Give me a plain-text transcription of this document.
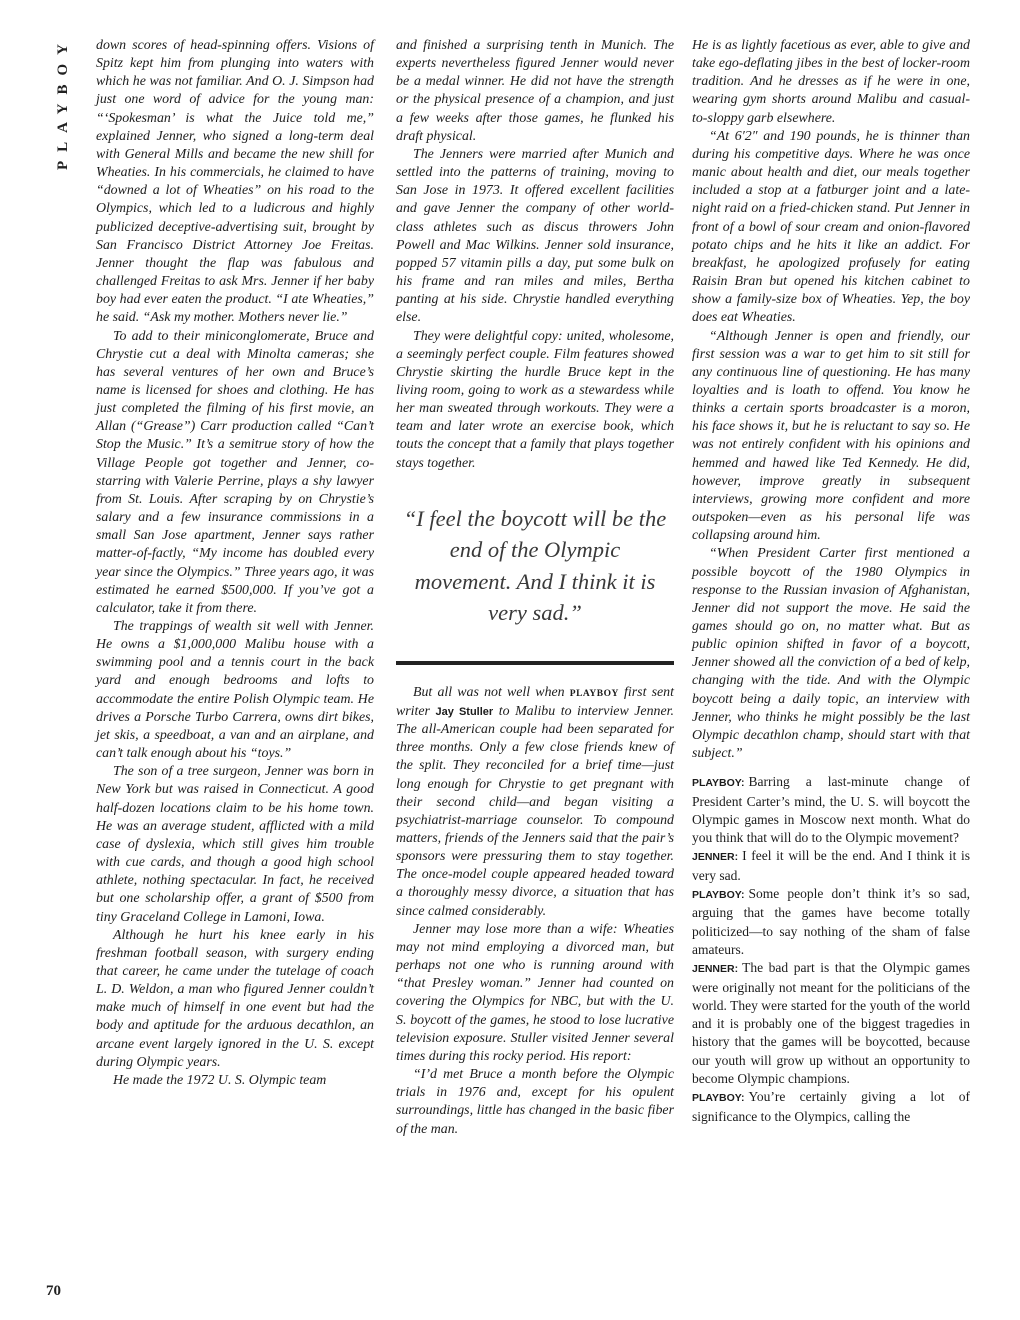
PLAYBOY
70

down scores of head-spinning offers. Visions of Spitz kept him from plunging into waters with which he was not familiar. And O. J. Simpson had just one word of advice for the young man: “‘Spokesman’ is what the Juice told me,” explained Jenner, who signed a long-term deal with General Mills and became the new shill for Wheaties. In his commercials, he claimed to have “downed a lot of Wheaties” on his road to the Olympics, which led to a ludicrous and highly publicized deceptive-advertising suit, brought by San Francisco District Attorney Joe Freitas. Jenner thought the flap was fabulous and challenged Freitas to ask Mrs. Jenner if her baby boy had ever eaten the product. “I ate Wheaties,” he said. “Ask my mother. Mothers never lie.”

To add to their miniconglomerate, Bruce and Chrystie cut a deal with Minolta cameras; she has several ventures of her own and Bruce’s name is licensed for shoes and clothing. He has just completed the filming of his first movie, an Allan (“Grease”) Carr production called “Can’t Stop the Music.” It’s a semitrue story of how the Village People got together and Jenner, co-starring with Valerie Perrine, plays a shy lawyer from St. Louis. After scraping by on Chrystie’s salary and a few insurance commissions in a small San Jose apartment, Jenner says rather matter-of-factly, “My income has doubled every year since the Olympics.” Three years ago, it was estimated he earned $500,000. If you’ve got a calculator, take it from there.

The trappings of wealth sit well with Jenner. He owns a $1,000,000 Malibu house with a swimming pool and a tennis court in the back yard and enough bedrooms and lofts to accommodate the entire Polish Olympic team. He drives a Porsche Turbo Carrera, owns dirt bikes, jet skis, a speedboat, a van and an airplane, and can’t talk enough about his “toys.”

The son of a tree surgeon, Jenner was born in New York but was raised in Connecticut. A good half-dozen locations claim to be his home town. He was an average student, afflicted with a mild case of dyslexia, which still gives him trouble with cue cards, and though a good high school athlete, nothing spectacular. In fact, he received but one scholarship offer, a grant of $500 from tiny Graceland College in Lamoni, Iowa.

Although he hurt his knee early in his freshman football season, with surgery ending that career, he came under the tutelage of coach L. D. Weldon, a man who figured Jenner couldn’t make much of himself in one event but had the body and aptitude for the arduous decathlon, an arcane event largely ignored in the U. S. except during Olympic years.

He made the 1972 U. S. Olympic team

and finished a surprising tenth in Munich. The experts nevertheless figured Jenner would never be a medal winner. He did not have the strength or the physical presence of a champion, and just a few weeks after those games, he flunked his draft physical.

The Jenners were married after Munich and settled into the patterns of training, moving to San Jose in 1973. It offered excellent facilities and gave Jenner the company of other world-class athletes such as discus throwers John Powell and Mac Wilkins. Jenner sold insurance, popped 57 vitamin pills a day, put some bulk on his frame and ran miles and miles, Bertha panting at his side. Chrystie handled everything else.

They were delightful copy: united, wholesome, a seemingly perfect couple. Film features showed Chrystie skirting the hurdle Bruce kept in the living room, going to work as a stewardess while her man sweated through workouts. They were a team and later wrote an exercise book, which touts the concept that a family that plays together stays together.

“I feel the boycott will be the end of the Olympic movement. And I think it is very sad.”

But all was not well when PLAYBOY first sent writer Jay Stuller to Malibu to interview Jenner. The all-American couple had been separated for three months. Only a few close friends knew of the split. They reconciled for a brief time—just long enough for Chrystie to get pregnant with their second child—and began visiting a psychiatrist-marriage counselor. To compound matters, friends of the Jenners said that the pair’s sponsors were pressuring them to stay together. The once-model couple appeared headed toward a thoroughly messy divorce, a situation that has since calmed considerably.

Jenner may lose more than a wife: Wheaties may not mind employing a divorced man, but perhaps not one who is running around with “that Presley woman.” Jenner had counted on covering the Olympics for NBC, but with the U. S. boycott of the games, he stood to lose lucrative television exposure. Stuller visited Jenner several times during this rocky period. His report:

“I’d met Bruce a month before the Olympic trials in 1976 and, except for his opulent surroundings, little has changed in the basic fiber of the man.

He is as lightly facetious as ever, able to give and take ego-deflating jibes in the best of locker-room tradition. And he dresses as if he were in one, wearing gym shorts around Malibu and casual-to-sloppy garb elsewhere.

“At 6′2″ and 190 pounds, he is thinner than during his competitive days. Where he was once manic about health and diet, our meals together included a stop at a fatburger joint and a late-night raid on a fried-chicken stand. Put Jenner in front of a bowl of sour cream and onion-flavored potato chips and he hits it like an addict. For breakfast, he apologized profusely for eating Raisin Bran but opened his kitchen cabinet to show a family-size box of Wheaties. Yep, the boy does eat Wheaties.

“Although Jenner is open and friendly, our first session was a war to get him to sit still for any continuous line of questioning. He has many loyalties and is loath to offend. You know he thinks a certain sports broadcaster is a moron, his face shows it, but he is reluctant to say so. He was not entirely confident with his opinions and hemmed and hawed like Ted Kennedy. He did, however, improve greatly in subsequent interviews, growing more confident and more outspoken—even as his personal life was collapsing around him.

“When President Carter first mentioned a possible boycott of the 1980 Olympics in response to the Russian invasion of Afghanistan, Jenner did not support the move. He said the games should go on, no matter what. But as public opinion shifted in favor of a boycott, Jenner showed all the conviction of a bed of kelp, changing with the tide. And with the Olympic boycott being a daily topic, an interview with Jenner, who thinks he might possibly be the last Olympic decathlon champ, should start with that subject.”

PLAYBOY: Barring a last-minute change of President Carter’s mind, the U. S. will boycott the Olympic games in Moscow next month. What do you think that will do to the Olympic movement?

JENNER: I feel it will be the end. And I think it is very sad.

PLAYBOY: Some people don’t think it’s so sad, arguing that the games have become totally politicized—to say nothing of the sham of false amateurs.

JENNER: The bad part is that the Olympic games were originally not meant for the politicians of the world. They were started for the youth of the world and it is probably one of the biggest tragedies in history that the games will be boycotted, because our youth will grow up without an opportunity to become Olympic champions.

PLAYBOY: You’re certainly giving a lot of significance to the Olympics, calling the
